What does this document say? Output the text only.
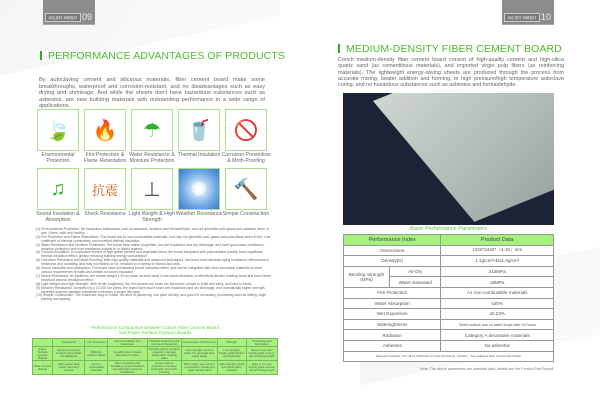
绿色建材 海螺板材 09
PERFORMANCE ADVANTAGES OF PRODUCTS
By autoclaving cement and siliceous materials, fiber cement board make some breakthroughs, waterproof and corrosion-resistant, and no disadvantages such as easy drying and shrinkage. And while the sheets don't have hazardous substances such as asbestos, are new building materials with outstanding performance in a wide range of applications.
🍃
Environmental Protection
🔥
Fire Protection & Flame Retardation
☂
Water Resistance & Moisture Protection
🥤
Thermal Insulation
🚫
Corrosion Prevention & Moth-Proofing
♫
Sound Insulation & Absorption
抗震
Shock Resistance
⊥
Light Weight & High Strength
✺
Weather Resistance
🔨
Simple Construction

(1) Environmental Protection: No hazardous substances such as asbestos, benzene and formaldehyde, and not generate toxic gases and radiation when in use. Green, safe and healthy.

(2) Fire Protection and Flame Retardation: The board are A1 non-combustible materials, and may not generate toxic gases and pass flame when in fire. Low coefficient of thermal conductivity and excellent thermal insulation.

(3) Water Resistance and Moisture Protection: The board have stable properties, low wet expansion and dry shrinkage, and have good water resistance, moisture protection and frost resistance outside or in humid regions.

(4) Thermal Insulation: In a structure formed of high-grade cement and vegetable fibers, the board integrated with polyurethane panels, have significant thermal insulation effect, greatly reducing building energy consumption.

(5) Corrosion Prevention and Moth-Proofing: With high-quality materials and advanced techniques, the board have fantastic aging resistance, efflorescence resistance and durability, and may not mildew or rot, resistant to a variety of insects and ants.

(6) Sound Insulation and Absorption: The board have outstanding sound insulation effect, and can be integrated with other acoustical materials to meet various requirements of walls and shields on sound insulation.

(7) Shock Resistance: As partitions, the sheets weight 1/15 as much as brick walls in the same thickness, to effectively decline building costs and have better structural seismic resistance effect.

(8) Light Weight and High Strength: With terrific toughness, the thin sheets can cover arc structures, simple to build and carry, and hard to break.

(9) Weather Resistance: Densified by a 14,000 ton press, the board have much lower wet expansion and dry shrinkage, and dramatically higher strength, therefore superior weather resistance embraces a longer life span.

(10) Simple Construction: The board are easy to install, no need of plastering, can paint directly, and good for secondary processing such as drilling, edge planing and sawing.

Performance Comparison between Conch Fiber Cement Board
And Paper Surface Gypsum Boards
	Ingredients	Fire Protection	Sound Insulation and Absorption	Moisture Protection and Corrosion Prevention	Construction Performance	Strength	Processing and Decoration
Paper Surface Gypsum Boards	Gypsum and paper surfaces have a little formaldehyde	Difficulty-catalytic labels	Sensibly less in sound absorption function	Sensibly less in moisture protection, damage easily when meeting water	Can only glue, and not easily cut, generate dust, waste easily	Low strength, fragile, easily broken and deformed	Easy to cut, can't directly paint cement, tile and hang weight
Fiber Cement Sheets	High quality silica quartz sand and cement	A1 non-combustible materials	After combining with insulating, sound insulation and absorption improve significantly	Good moisture protection, corrosion prevention and moth-proofing	Both interior and exterior construction, simple and rapid, directly paint	High strength, shock and deformation resistant	Easy to cut, can directly paint cement, tile and hang weight
绿色建材 海螺板材 10
MEDIUM-DENSITY FIBER CEMENT BOARD
Conch medium-density fiber cement board consist of high-quality cement and high-silica quartz sand (as cementitious materials), and imported virgin pulp fibers (as reinforcing materials). The lightweight energy-saving sheets are produced through the process from accurate mixing, beater addition and forming, to high pressure/high temperature autoclave curing, and no hazardous substances such as asbestos and formaldehyde.
Basic Performance Parameters
Performance Index		Product Data
Dimensions		1220*2440*（4-18）mm
Density(D)		1.1g/cm³<D≤1.4g/cm³
Bending Strength (MPa)	Air-Dry	≥12MPa
	Water-Saturated	≥8MPa
Fire Protection		A1 non-combustible materials
Water Absorption		≤40%
Wet Expansion		≤0.23%
Watertightness		Sheet surface has no water drops after 24 hours
Radiation		Category A decorative materials
Asbestos		No asbestos
Executive standard: JC/T 412.1-2006 Fiber Cement Flat Sheets - Section I - Non-asbestos Fiber Cement Flat Sheets		
Note: The above parameters are standard data, details see the Product Test Report.
